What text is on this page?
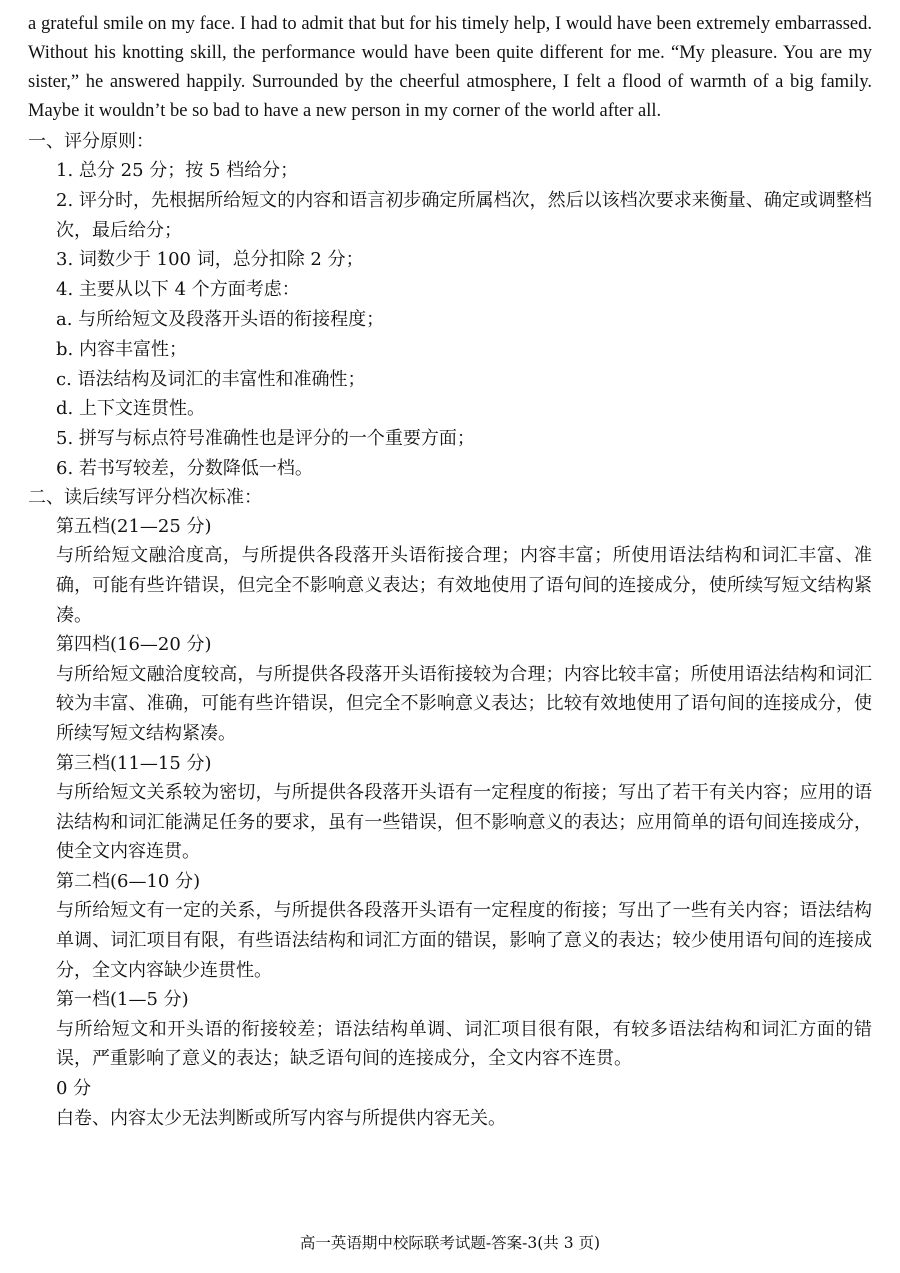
a grateful smile on my face. I had to admit that but for his timely help, I would have been extremely embarrassed. Without his knotting skill, the performance would have been quite different for me. “My pleasure. You are my sister,” he answered happily. Surrounded by the cheerful atmosphere, I felt a flood of warmth of a big family. Maybe it wouldn’t be so bad to have a new person in my corner of the world after all.

一、评分原则：

1. 总分 25 分；按 5 档给分；

2. 评分时，先根据所给短文的内容和语言初步确定所属档次，然后以该档次要求来衡量、确定或调整档次，最后给分；

3. 词数少于 100 词，总分扣除 2 分；

4. 主要从以下 4 个方面考虑：

a. 与所给短文及段落开头语的衔接程度；

b. 内容丰富性；

c. 语法结构及词汇的丰富性和准确性；

d. 上下文连贯性。

5. 拼写与标点符号准确性也是评分的一个重要方面；

6. 若书写较差，分数降低一档。

二、读后续写评分档次标准：

第五档(21—25 分)

与所给短文融洽度高，与所提供各段落开头语衔接合理；内容丰富；所使用语法结构和词汇丰富、准确，可能有些许错误，但完全不影响意义表达；有效地使用了语句间的连接成分，使所续写短文结构紧凑。

第四档(16—20 分)

与所给短文融洽度较高，与所提供各段落开头语衔接较为合理；内容比较丰富；所使用语法结构和词汇较为丰富、准确，可能有些许错误，但完全不影响意义表达；比较有效地使用了语句间的连接成分，使所续写短文结构紧凑。

第三档(11—15 分)

与所给短文关系较为密切，与所提供各段落开头语有一定程度的衔接；写出了若干有关内容；应用的语法结构和词汇能满足任务的要求，虽有一些错误，但不影响意义的表达；应用简单的语句间连接成分，使全文内容连贯。

第二档(6—10 分)

与所给短文有一定的关系，与所提供各段落开头语有一定程度的衔接；写出了一些有关内容；语法结构单调、词汇项目有限，有些语法结构和词汇方面的错误，影响了意义的表达；较少使用语句间的连接成分，全文内容缺少连贯性。

第一档(1—5 分)

与所给短文和开头语的衔接较差；语法结构单调、词汇项目很有限，有较多语法结构和词汇方面的错误，严重影响了意义的表达；缺乏语句间的连接成分，全文内容不连贯。

0 分

白卷、内容太少无法判断或所写内容与所提供内容无关。

高一英语期中校际联考试题-答案-3(共 3 页)
